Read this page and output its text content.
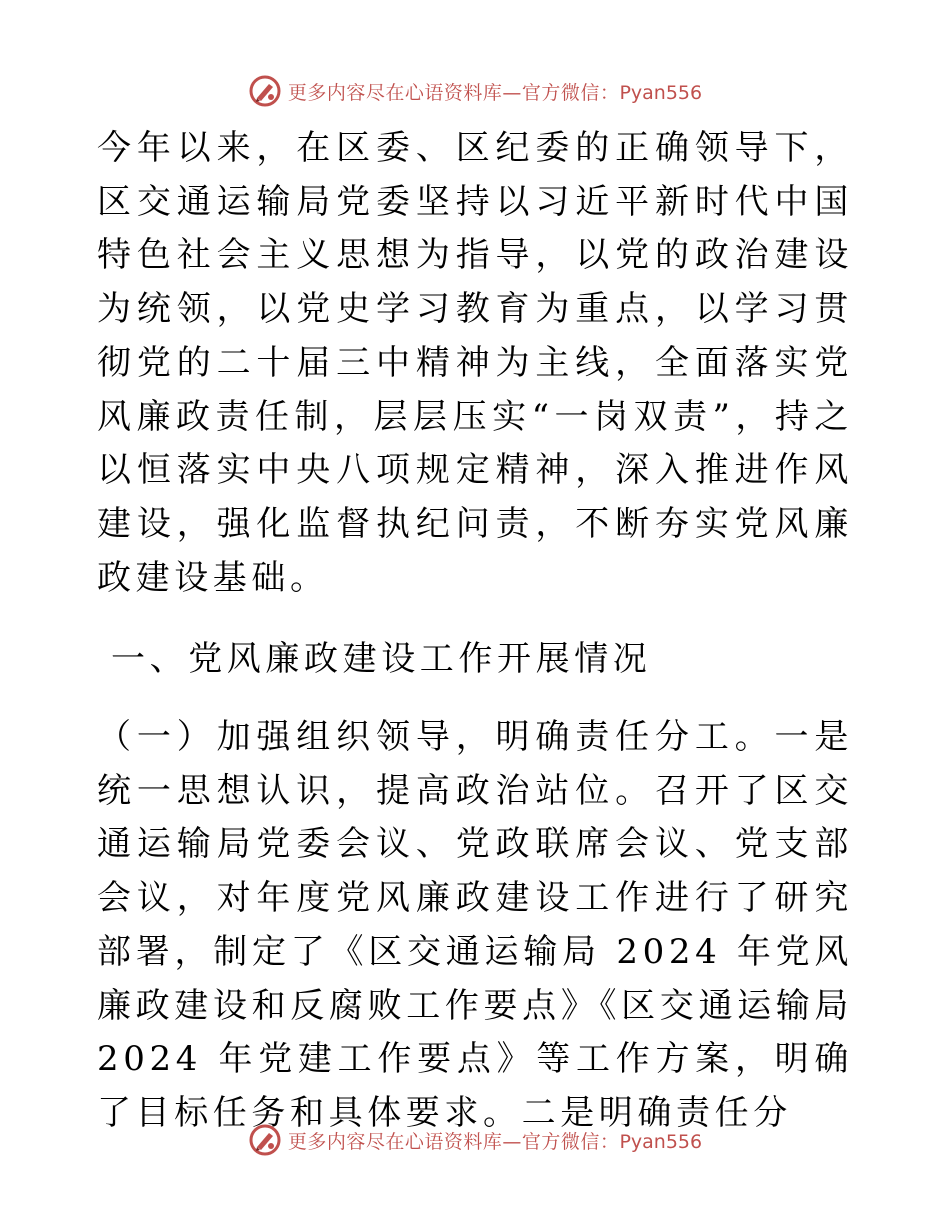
更多内容尽在心语资料库—官方微信：Pyan556

今年以来，在区委、区纪委的正确领导下，区交通运输局党委坚持以习近平新时代中国特色社会主义思想为指导，以党的政治建设为统领，以党史学习教育为重点，以学习贯彻党的二十届三中精神为主线，全面落实党风廉政责任制，层层压实“一岗双责”，持之以恒落实中央八项规定精神，深入推进作风建设，强化监督执纪问责，不断夯实党风廉政建设基础。

一、党风廉政建设工作开展情况

（一）加强组织领导，明确责任分工。一是统一思想认识，提高政治站位。召开了区交通运输局党委会议、党政联席会议、党支部会议，对年度党风廉政建设工作进行了研究部署，制定了《区交通运输局 2024 年党风廉政建设和反腐败工作要点》《区交通运输局 2024 年党建工作要点》等工作方案，明确了目标任务和具体要求。二是明确责任分

更多内容尽在心语资料库—官方微信：Pyan556
